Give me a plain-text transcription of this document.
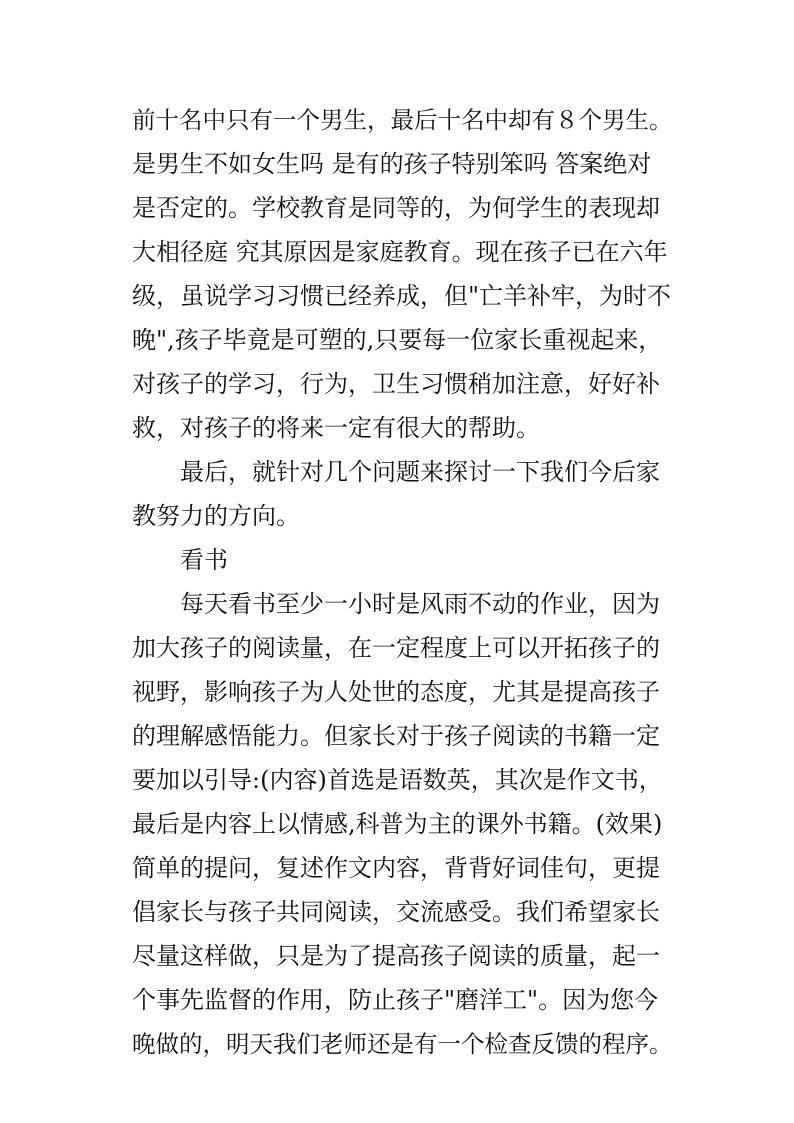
前十名中只有一个男生，最后十名中却有８个男生。
是男生不如女生吗 是有的孩子特别笨吗 答案绝对
是否定的。学校教育是同等的，为何学生的表现却
大相径庭 究其原因是家庭教育。现在孩子已在六年
级，虽说学习习惯已经养成，但"亡羊补牢，为时不
晚",孩子毕竟是可塑的,只要每一位家长重视起来，
对孩子的学习，行为，卫生习惯稍加注意，好好补
救，对孩子的将来一定有很大的帮助。
最后，就针对几个问题来探讨一下我们今后家
教努力的方向。
看书
每天看书至少一小时是风雨不动的作业，因为
加大孩子的阅读量，在一定程度上可以开拓孩子的
视野，影响孩子为人处世的态度，尤其是提高孩子
的理解感悟能力。但家长对于孩子阅读的书籍一定
要加以引导:(内容)首选是语数英，其次是作文书，
最后是内容上以情感,科普为主的课外书籍。(效果)
简单的提问，复述作文内容，背背好词佳句，更提
倡家长与孩子共同阅读，交流感受。我们希望家长
尽量这样做，只是为了提高孩子阅读的质量，起一
个事先监督的作用，防止孩子"磨洋工"。因为您今
晚做的，明天我们老师还是有一个检查反馈的程序。
